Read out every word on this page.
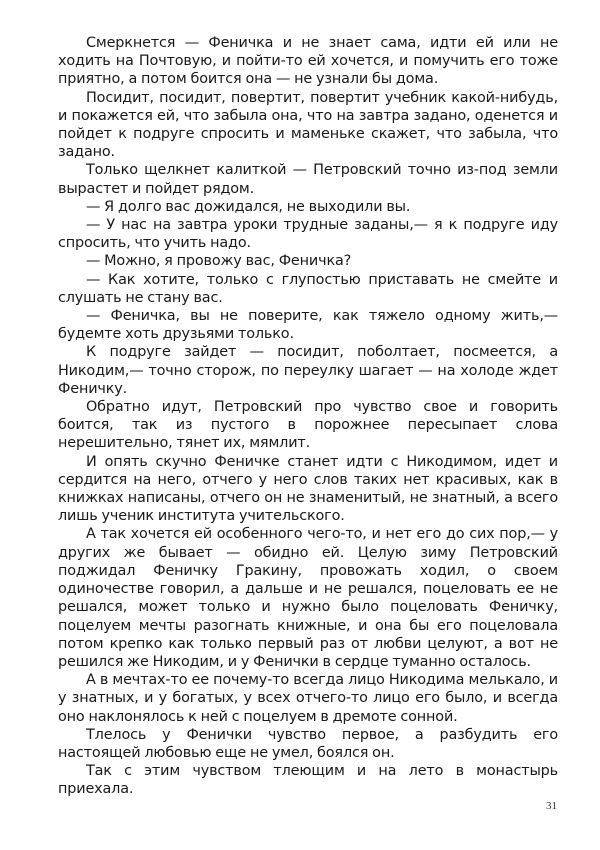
Смеркнется — Феничка и не знает сама, идти ей или не ходить на Почтовую, и пойти-то ей хочется, и помучить его тоже приятно, а потом боится она — не узнали бы дома.

Посидит, посидит, повертит, повертит учебник какой-нибудь, и покажется ей, что забыла она, что на завтра задано, оденется и пойдет к подруге спросить и маменьке скажет, что забыла, что задано.

Только щелкнет калиткой — Петровский точно из-под земли вырастет и пойдет рядом.

— Я долго вас дожидался, не выходили вы.

— У нас на завтра уроки трудные заданы,— я к подруге иду спросить, что учить надо.

— Можно, я провожу вас, Феничка?

— Как хотите, только с глупостью приставать не смейте и слушать не стану вас.

— Феничка, вы не поверите, как тяжело одному жить,— будемте хоть друзьями только.

К подруге зайдет — посидит, поболтает, посмеется, а Никодим,— точно сторож, по переулку шагает — на холоде ждет Феничку.

Обратно идут, Петровский про чувство свое и говорить боится, так из пустого в порожнее пересыпает слова нерешительно, тянет их, мямлит.

И опять скучно Феничке станет идти с Никодимом, идет и сердится на него, отчего у него слов таких нет красивых, как в книжках написаны, отчего он не знаменитый, не знатный, а всего лишь ученик института учительского.

А так хочется ей особенного чего-то, и нет его до сих пор,— у других же бывает — обидно ей. Целую зиму Петровский поджидал Феничку Гракину, провожать ходил, о своем одиночестве говорил, а дальше и не решался, поцеловать ее не решался, может только и нужно было поцеловать Феничку, поцелуем мечты разогнать книжные, и она бы его поцеловала потом крепко как только первый раз от любви целуют, а вот не решился же Никодим, и у Фенички в сердце туманно осталось.

А в мечтах-то ее почему-то всегда лицо Никодима мелькало, и у знатных, и у богатых, у всех отчего-то лицо его было, и всегда оно наклонялось к ней с поцелуем в дремоте сонной.

Тлелось у Фенички чувство первое, а разбудить его настоящей любовью еще не умел, боялся он.

Так с этим чувством тлеющим и на лето в монастырь приехала.

31
